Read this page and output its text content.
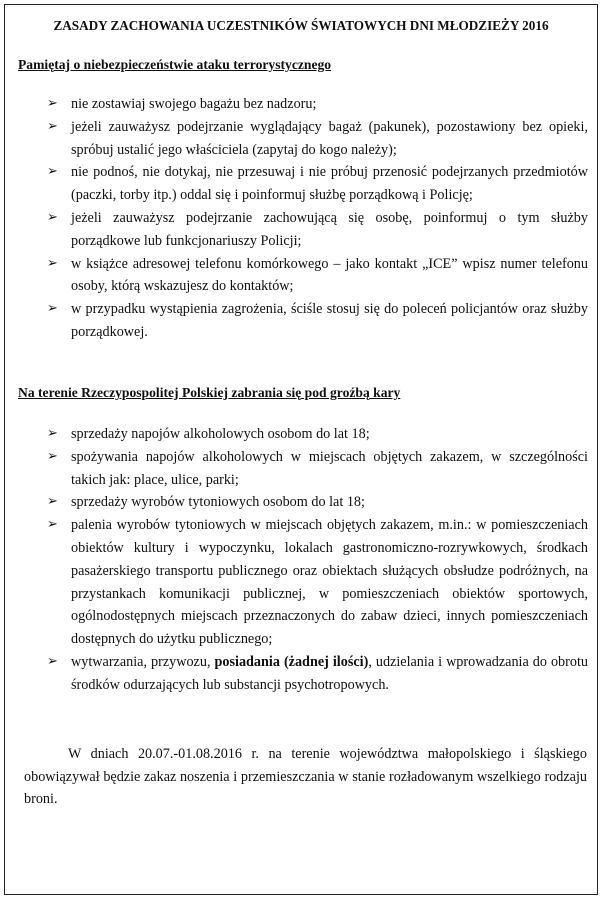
ZASADY ZACHOWANIA UCZESTNIKÓW ŚWIATOWYCH DNI MŁODZIEŻY 2016
Pamiętaj o niebezpieczeństwie ataku terrorystycznego
➢ nie zostawiaj swojego bagażu bez nadzoru;
➢ jeżeli zauważysz podejrzanie wyglądający bagaż (pakunek), pozostawiony bez opieki, spróbuj ustalić jego właściciela (zapytaj do kogo należy);
➢ nie podnoś, nie dotykaj, nie przesuwaj i nie próbuj przenosić podejrzanych przedmiotów (paczki, torby itp.) oddal się i poinformuj służbę porządkową i Policję;
➢ jeżeli zauważysz podejrzanie zachowującą się osobę, poinformuj o tym służby porządkowe lub funkcjonariuszy Policji;
➢ w książce adresowej telefonu komórkowego – jako kontakt „ICE” wpisz numer telefonu osoby, którą wskazujesz do kontaktów;
➢ w przypadku wystąpienia zagrożenia, ściśle stosuj się do poleceń policjantów oraz służby porządkowej.
Na terenie Rzeczypospolitej Polskiej zabrania się pod groźbą kary
➢ sprzedaży napojów alkoholowych osobom do lat 18;
➢ spożywania napojów alkoholowych w miejscach objętych zakazem, w szczególności takich jak: place, ulice, parki;
➢ sprzedaży wyrobów tytoniowych osobom do lat 18;
➢ palenia wyrobów tytoniowych w miejscach objętych zakazem, m.in.: w pomieszczeniach obiektów kultury i wypoczynku, lokalach gastronomiczno-rozrywkowych, środkach pasażerskiego transportu publicznego oraz obiektach służących obsłudze podróżnych, na przystankach komunikacji publicznej, w pomieszczeniach obiektów sportowych, ogólnodostępnych miejscach przeznaczonych do zabaw dzieci, innych pomieszczeniach dostępnych do użytku publicznego;
➢ wytwarzania, przywozu, posiadania (żadnej ilości), udzielania i wprowadzania do obrotu środków odurzających lub substancji psychotropowych.

W dniach 20.07.-01.08.2016 r. na terenie województwa małopolskiego i śląskiego obowiązywał będzie zakaz noszenia i przemieszczania w stanie rozładowanym wszelkiego rodzaju broni.
